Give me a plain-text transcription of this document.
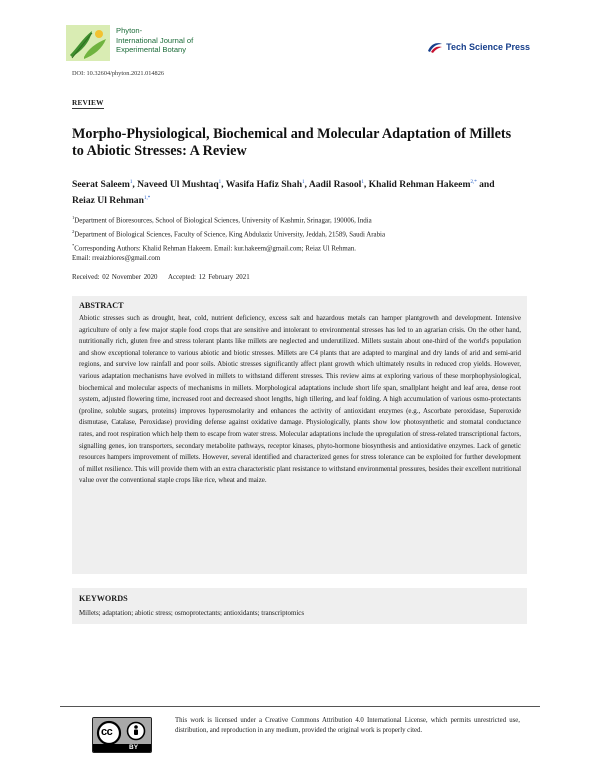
Phyton-
International Journal of
Experimental Botany	Tech Science Press
DOI: 10.32604/phyton.2021.014826
REVIEW
Morpho-Physiological, Biochemical and Molecular Adaptation of Millets
to Abiotic Stresses: A Review
Seerat Saleem$^1$, Naveed Ul Mushtaq$^1$, Wasifa Hafiz Shah$^1$, Aadil Rasool$^1$, Khalid Rehman Hakeem$^{2,*}$ and
Reiaz Ul Rehman$^{1,*}$
$^1$Department of Bioresources, School of Biological Sciences, University of Kashmir, Srinagar, 190006, India
$^2$Department of Biological Sciences, Faculty of Science, King Abdulaziz University, Jeddah, 21589, Saudi Arabia
*Corresponding Authors: Khalid Rehman Hakeem. Email: kur.hakeem@gmail.com; Reiaz Ul Rehman.
Email: rreaizbiores@gmail.com
Received: 02 November 2020 Accepted: 12 February 2021
ABSTRACT
Abiotic stresses such as drought, heat, cold, nutrient deficiency, excess salt and hazardous metals can hamper plantgrowth and development. Intensive agriculture of only a few major staple food crops that are sensitive and intolerant to environmental stresses has led to an agrarian crisis. On the other hand, nutritionally rich, gluten free and stress tolerant plants like millets are neglected and underutilized. Millets sustain about one-third of the world's population and show exceptional tolerance to various abiotic and biotic stresses. Millets are C4 plants that are adapted to marginal and dry lands of arid and semi-arid regions, and survive low rainfall and poor soils. Abiotic stresses significantly affect plant growth which ultimately results in reduced crop yields. However, various adaptation mechanisms have evolved in millets to withstand different stresses. This review aims at exploring various of these morphophysiological, biochemical and molecular aspects of mechanisms in millets. Morphological adaptations include short life span, smallplant height and leaf area, dense root system, adjusted flowering time, increased root and decreased shoot lengths, high tillering, and leaf folding. A high accumulation of various osmo-protectants (proline, soluble sugars, proteins) improves hyperosmolarity and enhances the activity of antioxidant enzymes (e.g., Ascorbate peroxidase, Superoxide dismutase, Catalase, Peroxidase) providing defense against oxidative damage. Physiologically, plants show low photosynthetic and stomatal conductance rates, and root respiration which help them to escape from water stress. Molecular adaptations include the upregulation of stress-related transcriptional factors, signalling genes, ion transporters, secondary metabolite pathways, receptor kinases, phyto-hormone biosynthesis and antioxidative enzymes. Lack of genetic resources hampers improvement of millets. However, several identified and characterized genes for stress tolerance can be exploited for further development of millet resilience. This will provide them with an extra characteristic plant resistance to withstand environmental pressures, besides their excellent nutritional value over the conventional staple crops like rice, wheat and maize.
KEYWORDS
Millets; adaptation; abiotic stress; osmoprotectants; antioxidants; transcriptomics
cc
BY
This work is licensed under a Creative Commons Attribution 4.0 International License, which permits unrestricted use, distribution, and reproduction in any medium, provided the original work is properly cited.
